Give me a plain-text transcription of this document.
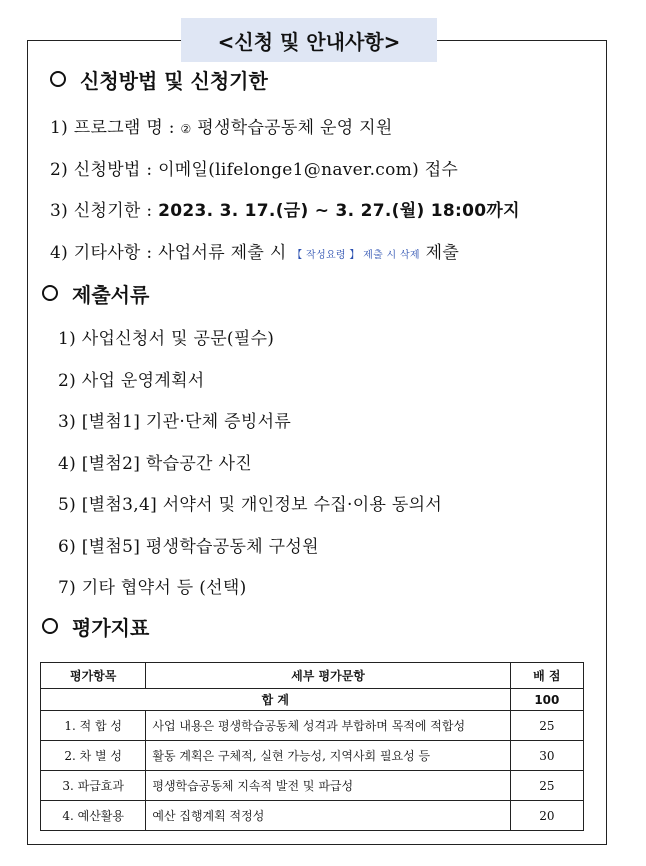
<신청 및 안내사항>
신청방법 및 신청기한
1) 프로그램 명 : ② 평생학습공동체 운영 지원
2) 신청방법 : 이메일(lifelonge1@naver.com) 접수
3) 신청기한 : 2023. 3. 17.(금) ~ 3. 27.(월) 18:00까지
4) 기타사항 : 사업서류 제출 시 【 작성요령 】 제출 시 삭제 제출
제출서류
1) 사업신청서 및 공문(필수)
2) 사업 운영계획서
3) [별첨1] 기관·단체 증빙서류
4) [별첨2] 학습공간 사진
5) [별첨3,4] 서약서 및 개인정보 수집·이용 동의서
6) [별첨5] 평생학습공동체 구성원
7) 기타 협약서 등 (선택)
평가지표
평가항목	세부 평가문항	배 점
합 계		100
1. 적 합 성	사업 내용은 평생학습공동체 성격과 부합하며 목적에 적합성	25
2. 차 별 성	활동 계획은 구체적, 실현 가능성, 지역사회 필요성 등	30
3. 파급효과	평생학습공동체 지속적 발전 및 파급성	25
4. 예산활용	예산 집행계획 적정성	20
